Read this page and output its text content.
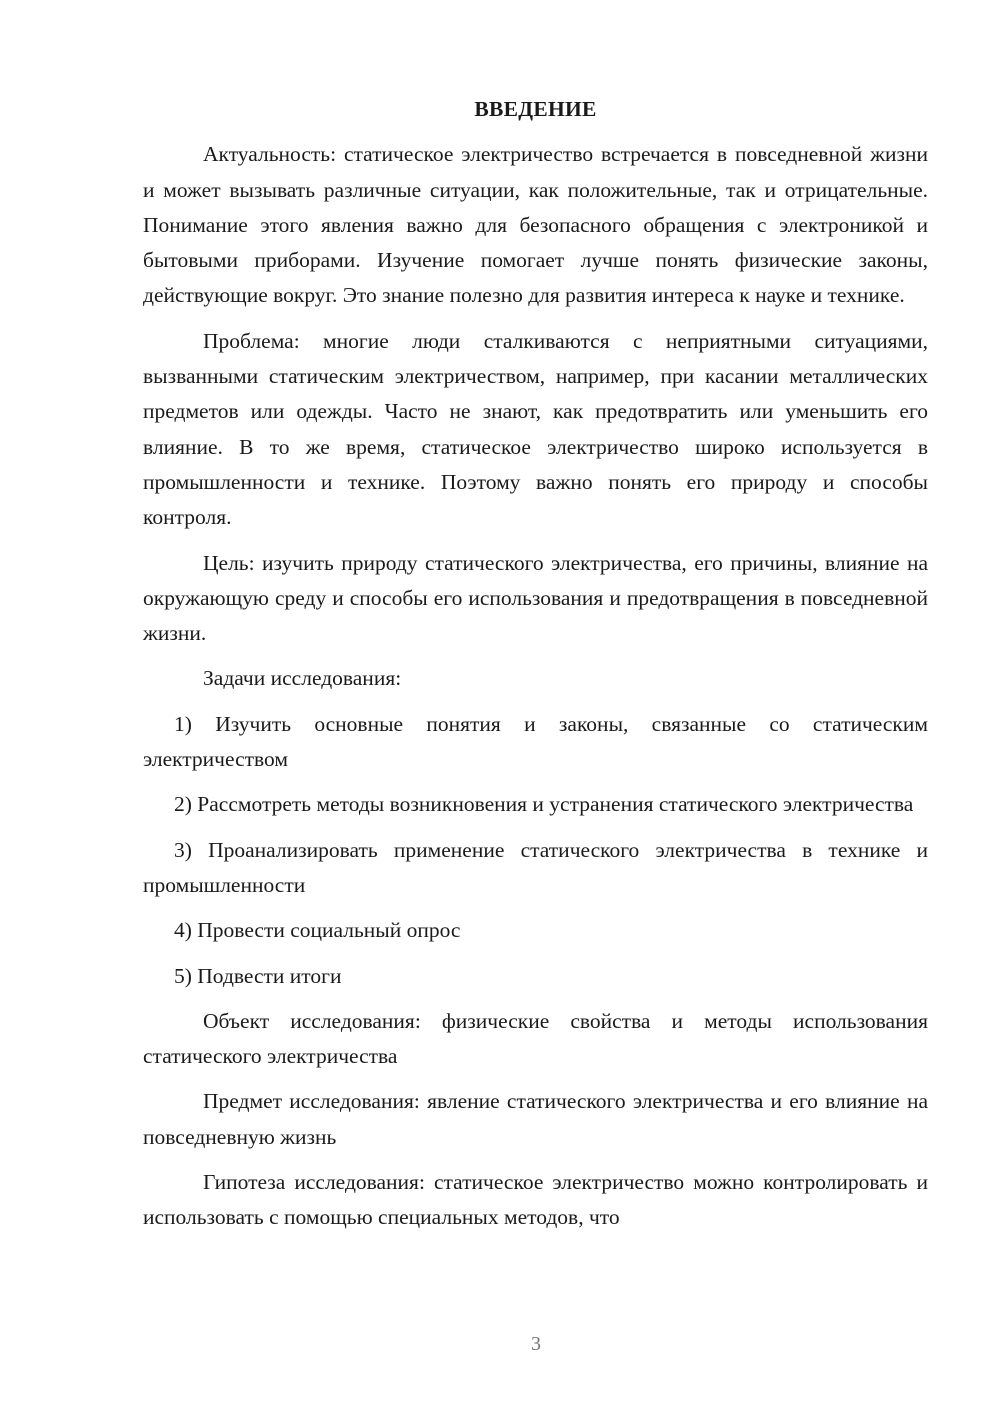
ВВЕДЕНИЕ
Актуальность: статическое электричество встречается в повседневной жизни и может вызывать различные ситуации, как положительные, так и отрицательные. Понимание этого явления важно для безопасного обращения с электроникой и бытовыми приборами. Изучение помогает лучше понять физические законы, действующие вокруг. Это знание полезно для развития интереса к науке и технике.
Проблема: многие люди сталкиваются с неприятными ситуациями, вызванными статическим электричеством, например, при касании металлических предметов или одежды. Часто не знают, как предотвратить или уменьшить его влияние. В то же время, статическое электричество широко используется в промышленности и технике. Поэтому важно понять его природу и способы контроля.
Цель: изучить природу статического электричества, его причины, влияние на окружающую среду и способы его использования и предотвращения в повседневной жизни.
Задачи исследования:
1) Изучить основные понятия и законы, связанные со статическим электричеством
2) Рассмотреть методы возникновения и устранения статического электричества
3) Проанализировать применение статического электричества в технике и промышленности
4) Провести социальный опрос
5) Подвести итоги
Объект исследования: физические свойства и методы использования статического электричества
Предмет исследования: явление статического электричества и его влияние на повседневную жизнь
Гипотеза исследования: статическое электричество можно контролировать и использовать с помощью специальных методов, что
3
